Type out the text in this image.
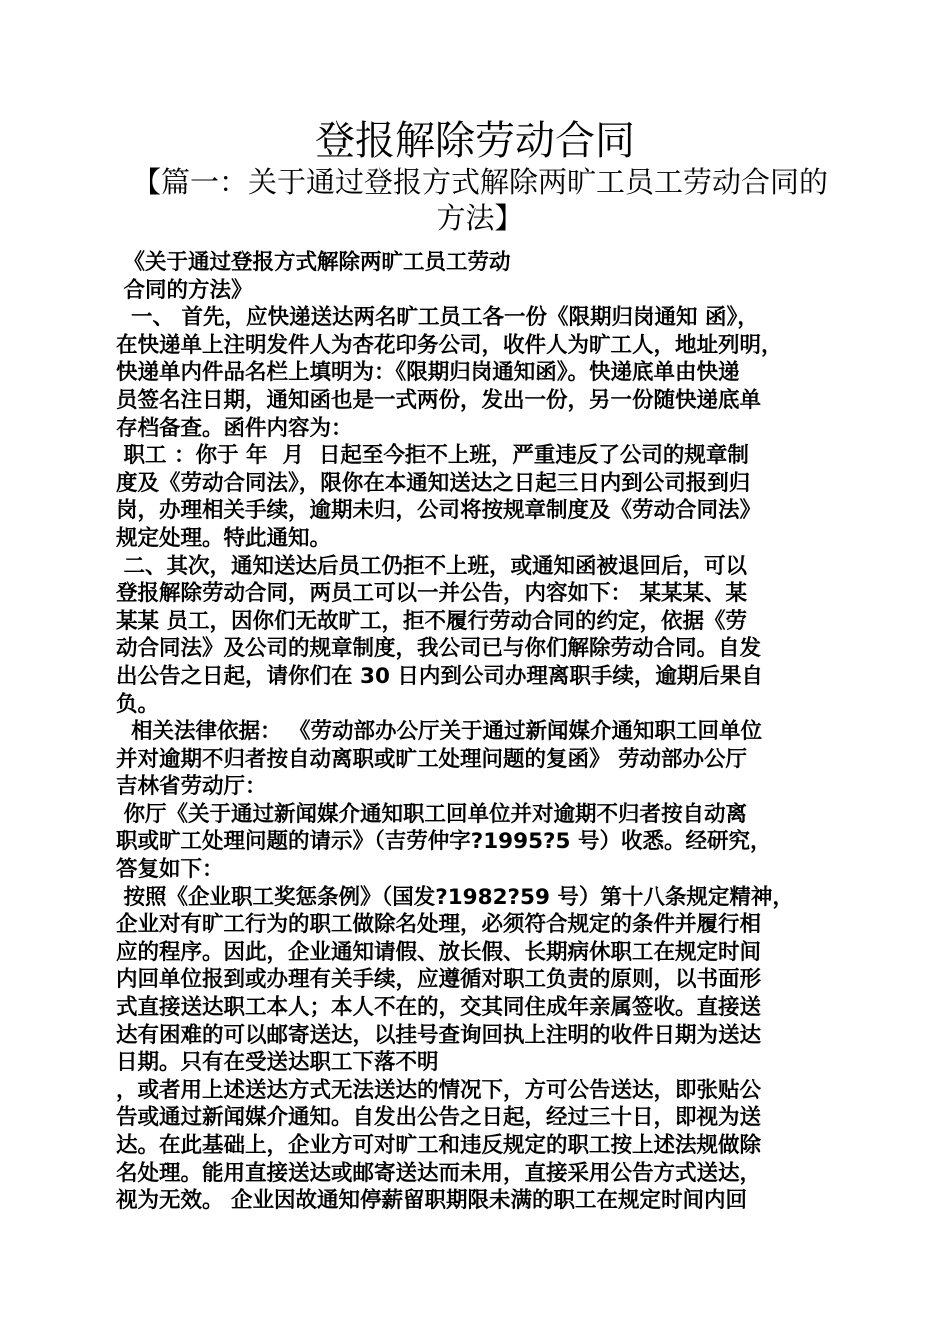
登报解除劳动合同
【篇一：关于通过登报方式解除两旷工员工劳动合同的
方法】
《关于通过登报方式解除两旷工员工劳动
合同的方法》
一、 首先，应快递送达两名旷工员工各一份《限期归岗通知 函》，
在快递单上注明发件人为杏花印务公司，收件人为旷工人，地址列明，
快递单内件品名栏上填明为：《限期归岗通知函》。快递底单由快递
员签名注日期，通知函也是一式两份，发出一份，另一份随快递底单
存档备查。函件内容为：
职工 ：你于 年  月  日起至今拒不上班，严重违反了公司的规章制
度及《劳动合同法》，限你在本通知送达之日起三日内到公司报到归
岗，办理相关手续，逾期未归，公司将按规章制度及《劳动合同法》
规定处理。特此通知。
二、其次，通知送达后员工仍拒不上班，或通知函被退回后，可以
登报解除劳动合同，两员工可以一并公告，内容如下： 某某某、某
某某 员工，因你们无故旷工，拒不履行劳动合同的约定，依据《劳
动合同法》及公司的规章制度，我公司已与你们解除劳动合同。自发
出公告之日起，请你们在 30 日内到公司办理离职手续，逾期后果自
负。
相关法律依据： 《劳动部办公厅关于通过新闻媒介通知职工回单位
并对逾期不归者按自动离职或旷工处理问题的复函》 劳动部办公厅
吉林省劳动厅：
你厅《关于通过新闻媒介通知职工回单位并对逾期不归者按自动离
职或旷工处理问题的请示》（吉劳仲字?1995?5 号）收悉。经研究，
答复如下：
按照《企业职工奖惩条例》（国发?1982?59 号）第十八条规定精神，
企业对有旷工行为的职工做除名处理，必须符合规定的条件并履行相
应的程序。因此，企业通知请假、放长假、长期病休职工在规定时间
内回单位报到或办理有关手续，应遵循对职工负责的原则，以书面形
式直接送达职工本人；本人不在的，交其同住成年亲属签收。直接送
达有困难的可以邮寄送达，以挂号查询回执上注明的收件日期为送达
日期。只有在受送达职工下落不明
，或者用上述送达方式无法送达的情况下，方可公告送达，即张贴公
告或通过新闻媒介通知。自发出公告之日起，经过三十日，即视为送
达。在此基础上，企业方可对旷工和违反规定的职工按上述法规做除
名处理。能用直接送达或邮寄送达而未用，直接采用公告方式送达，
视为无效。 企业因故通知停薪留职期限未满的职工在规定时间内回
